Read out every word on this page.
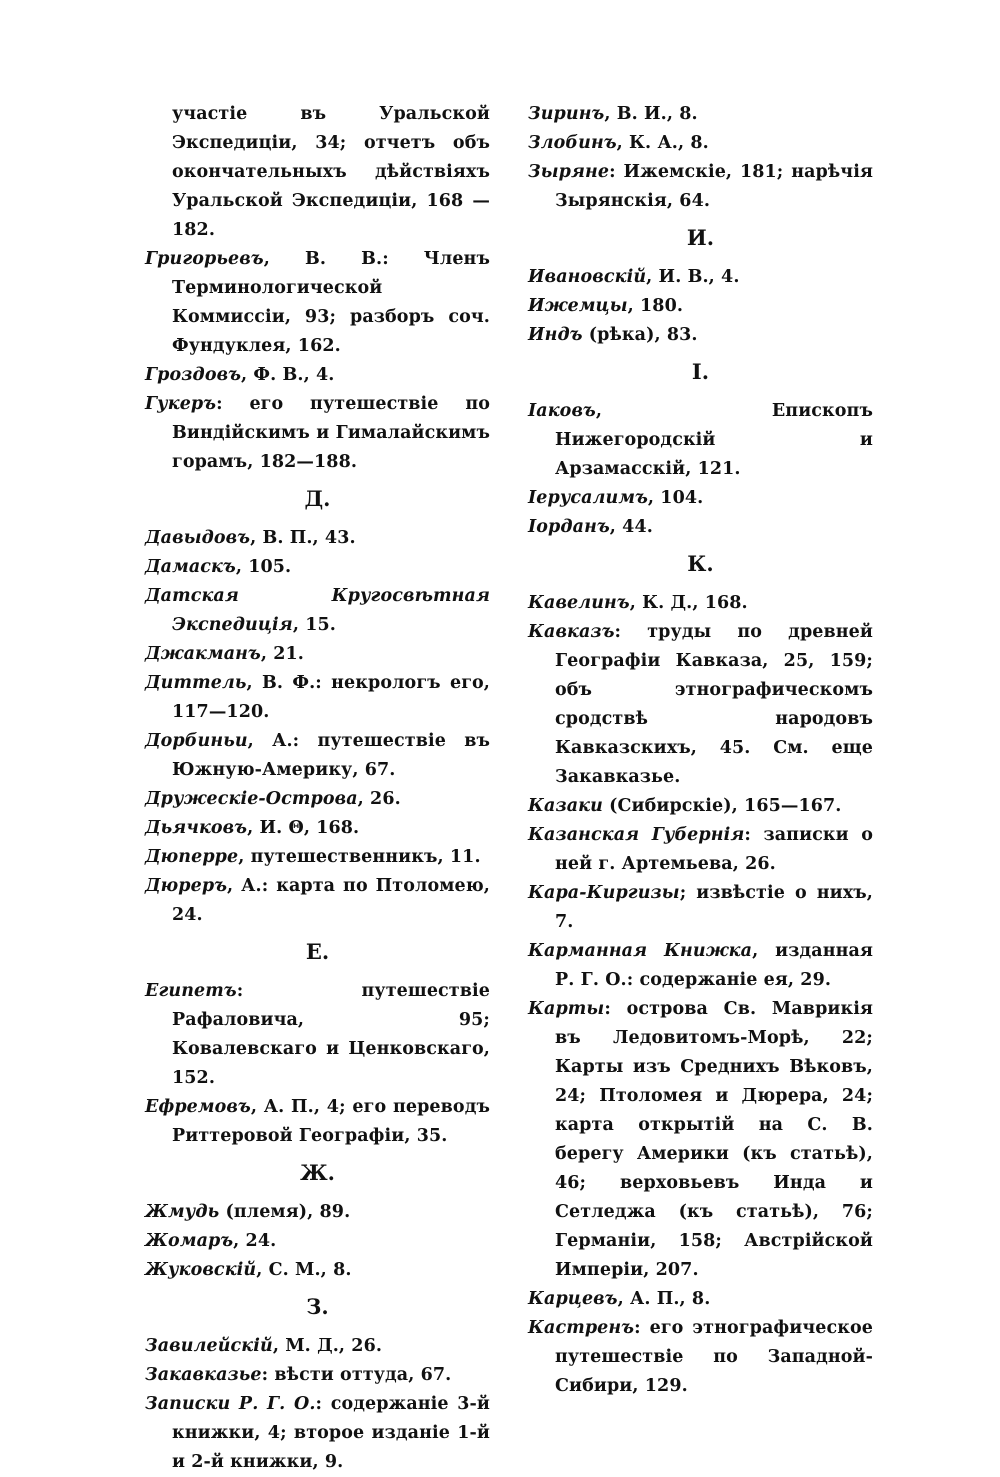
участіе въ Уральской Экспедиціи, 34; отчетъ объ окончательныхъ дѣйствіяхъ Уральской Экспедиціи, 168 — 182.

Григорьевъ, В. В.: Членъ Терминологической Коммиссіи, 93; разборъ соч. Фундуклея, 162.

Гроздовъ, Ф. В., 4.

Гукеръ: его путешествіе по Виндійскимъ и Гималайскимъ горамъ, 182—188.

Д.

Давыдовъ, В. П., 43.

Дамаскъ, 105.

Датская Кругосвѣтная Экспедиція, 15.

Джакманъ, 21.

Диттель, В. Ф.: некрологъ его, 117—120.

Дорбиньи, А.: путешествіе въ Южную-Америку, 67.

Дружескіе-Острова, 26.

Дьячковъ, И. Θ, 168.

Дюперре, путешественникъ, 11.

Дюреръ, А.: карта по Птоломею, 24.

Е.

Египетъ: путешествіе Рафаловича, 95; Ковалевскаго и Ценковскаго, 152.

Ефремовъ, А. П., 4; его переводъ Риттеровой Географіи, 35.

Ж.

Жмудь (племя), 89.

Жомаръ, 24.

Жуковскій, С. М., 8.

З.

Завилейскій, М. Д., 26.

Закавказье: вѣсти оттуда, 67.

Записки Р. Г. О.: содержаніе 3-й книжки, 4; второе изданіе 1-й и 2-й книжки, 9.

Зиринъ, В. И., 8.

Злобинъ, К. А., 8.

Зыряне: Ижемскіе, 181; нарѣчія Зырянскія, 64.

И.

Ивановскій, И. В., 4.

Ижемцы, 180.

Индъ (рѣка), 83.

І.

Іаковъ, Епископъ Нижегородскій и Арзамасскій, 121.

Іерусалимъ, 104.

Іорданъ, 44.

К.

Кавелинъ, К. Д., 168.

Кавказъ: труды по древней Географіи Кавказа, 25, 159; объ этнографическомъ сродствѣ народовъ Кавказскихъ, 45. См. еще Закавказье.

Казаки (Сибирскіе), 165—167.

Казанская Губернія: записки о ней г. Артемьева, 26.

Кара-Киргизы; извѣстіе о нихъ, 7.

Карманная Книжка, изданная Р. Г. О.: содержаніе ея, 29.

Карты: острова Св. Маврикія въ Ледовитомъ-Морѣ, 22; Карты изъ Среднихъ Вѣковъ, 24; Птоломея и Дюрера, 24; карта открытій на С. В. берегу Америки (къ статьѣ), 46; верховьевъ Инда и Сетледжа (къ статьѣ), 76; Германіи, 158; Австрійской Имперіи, 207.

Карцевъ, А. П., 8.

Кастренъ: его этнографическое путешествіе по Западной-Сибири, 129.
